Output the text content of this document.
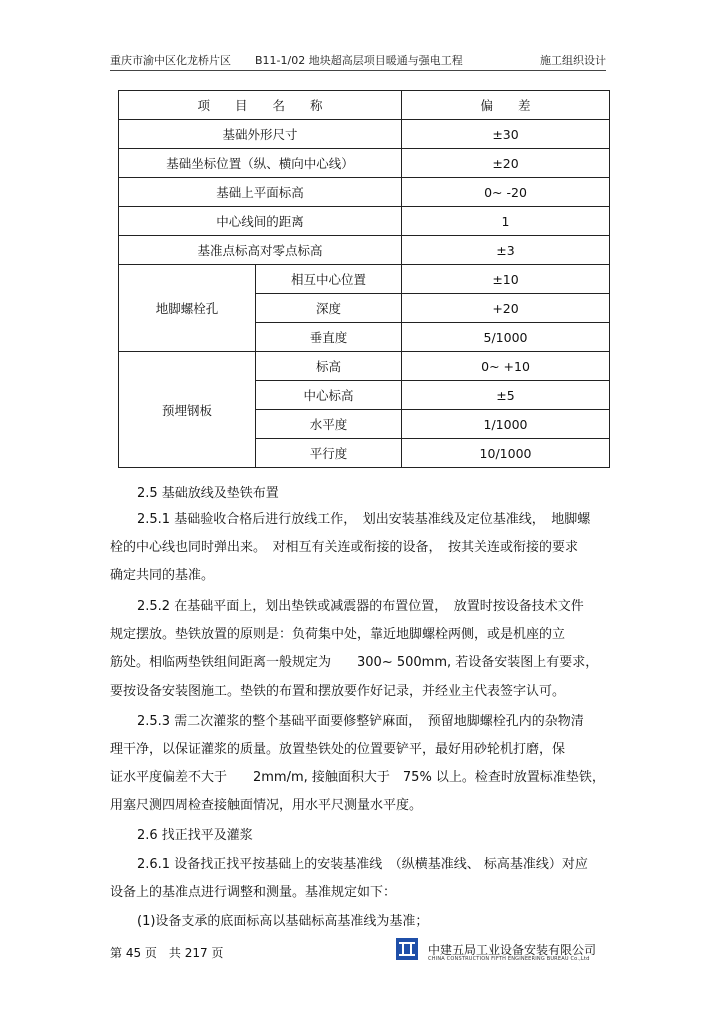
重庆市渝中区化龙桥片区 B11-1/02 地块超高层项目暖通与强电工程	施工组织设计
项　　目　　名　　称		偏　　差
基础外形尺寸		±30
基础坐标位置（纵、横向中心线）		±20
基础上平面标高		0~ -20
中心线间的距离		1
基准点标高对零点标高		±3
地脚螺栓孔	相互中心位置	±10
	深度	+20
	垂直度	5/1000
预埋钢板	标高	0~ +10
	中心标高	±5
	水平度	1/1000
	平行度	10/1000

2.5 基础放线及垫铁布置

2.5.1 基础验收合格后进行放线工作，　划出安装基准线及定位基准线，　地脚螺

栓的中心线也同时弹出来。　对相互有关连或衔接的设备，　按其关连或衔接的要求

确定共同的基准。

2.5.2 在基础平面上，划出垫铁或减震器的布置位置，　放置时按设备技术文件

规定摆放。垫铁放置的原则是：负荷集中处，靠近地脚螺栓两侧，或是机座的立

筋处。相临两垫铁组间距离一般规定为　　300~ 500mm, 若设备安装图上有要求，

要按设备安装图施工。垫铁的布置和摆放要作好记录，并经业主代表签字认可。

2.5.3 需二次灌浆的整个基础平面要修整铲麻面，　预留地脚螺栓孔内的杂物清

理干净，以保证灌浆的质量。放置垫铁处的位置要铲平，最好用砂轮机打磨，保

证水平度偏差不大于　　2mm/m, 接触面积大于　75% 以上。检查时放置标准垫铁，

用塞尺测四周检查接触面情况，用水平尺测量水平度。

2.6 找正找平及灌浆

2.6.1 设备找正找平按基础上的安装基准线　（纵横基准线、 标高基准线）对应

设备上的基准点进行调整和测量。基准规定如下：

(1)设备支承的底面标高以基础标高基准线为基准；

第 45 页　共 217 页	中建五局工业设备安装有限公司
CHINA CONSTRUCTION FIFTH ENGINEERING BUREAU Co.,Ltd
